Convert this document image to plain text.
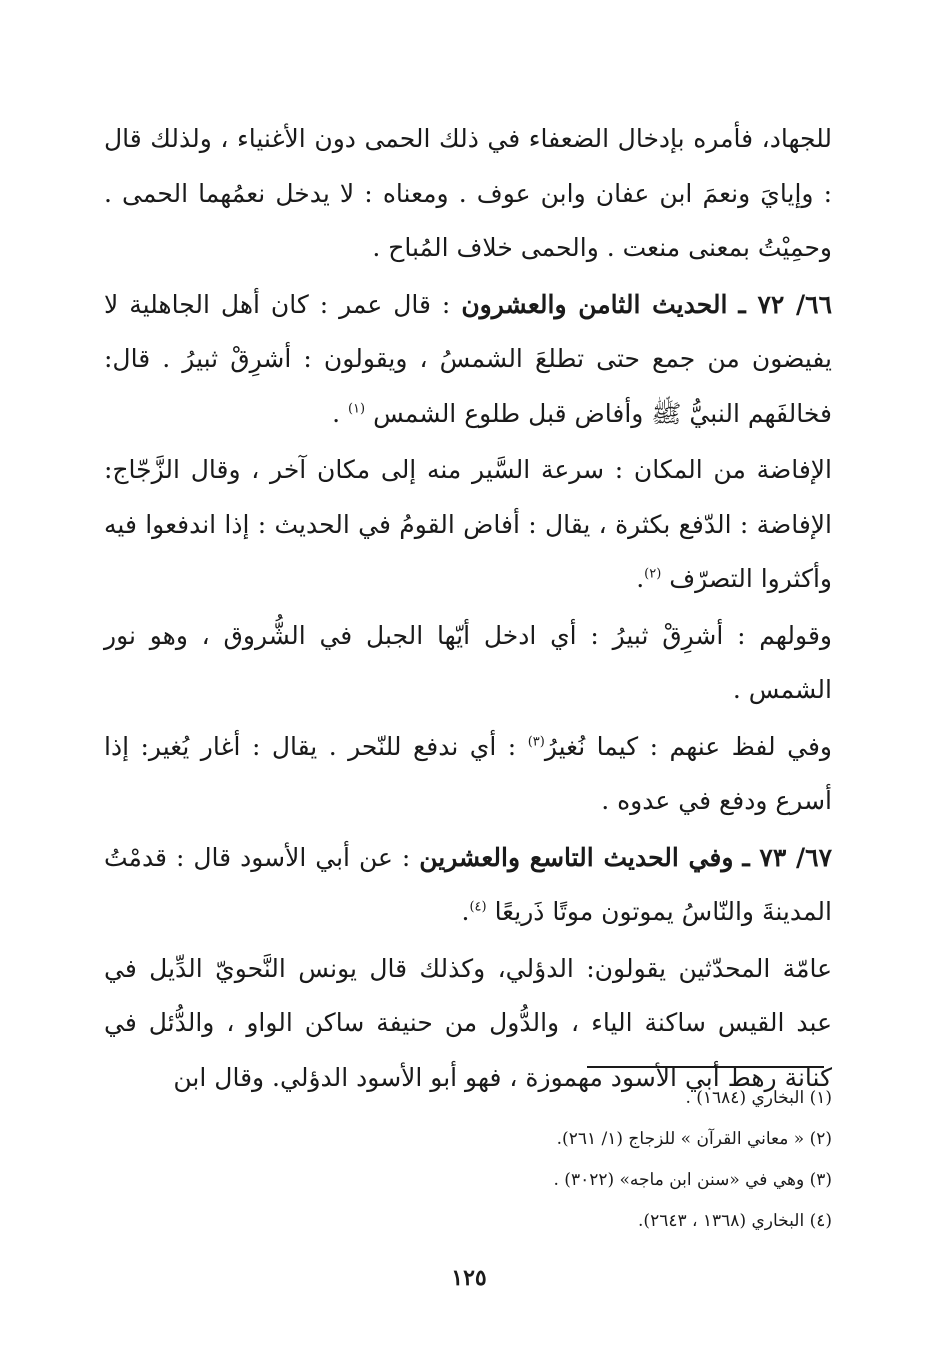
للجهاد، فأمره بإدخال الضعفاء في ذلك الحمى دون الأغنياء ، ولذلك قال : وإيايَ ونعمَ ابن عفان وابن عوف . ومعناه : لا يدخل نعمُهما الحمى . وحمِيْتُ بمعنى منعت . والحمى خلاف المُباح .

٦٦/ ٧٢ ـ الحديث الثامن والعشرون : قال عمر : كان أهل الجاهلية لا يفيضون من جمع حتى تطلعَ الشمسُ ، ويقولون : أشرِقْ ثبيرُ . قال: فخالفَهم النبيُّ ﷺ وأفاض قبل طلوع الشمس $^{(١)}$ .

الإفاضة من المكان : سرعة السَّير منه إلى مكان آخر ، وقال الزَّجّاج: الإفاضة : الدّفع بكثرة ، يقال : أفاض القومُ في الحديث : إذا اندفعوا فيه وأكثروا التصرّف $^{(٢)}$.

وقولهم : أشرِقْ ثبيرُ : أي ادخل أيّها الجبل في الشُّروق ، وهو نور الشمس .

وفي لفظ عنهم : كيما نُغيرُ$^{(٣)}$ : أي ندفع للنّحر . يقال : أغار يُغير: إذا أسرع ودفع في عدوه .

٦٧/ ٧٣ ـ وفي الحديث التاسع والعشرين : عن أبي الأسود قال : قدمْتُ المدينةَ والنّاسُ يموتون موتًا ذَريعًا $^{(٤)}$.

عامّة المحدّثين يقولون: الدؤلي، وكذلك قال يونس النَّحويّ الدِّيل في عبد القيس ساكنة الياء ، والدُّول من حنيفة ساكن الواو ، والدُّئل في كنانة رهط أبي الأسود مهموزة ، فهو أبو الأسود الدؤلي. وقال ابن

(١) البخاري (١٦٨٤) .

(٢) « معاني القرآن » للزجاج (١/ ٢٦١).

(٣) وهي في «سنن ابن ماجه» (٣٠٢٢) .

(٤) البخاري (١٣٦٨ ، ٢٦٤٣).

١٢٥
